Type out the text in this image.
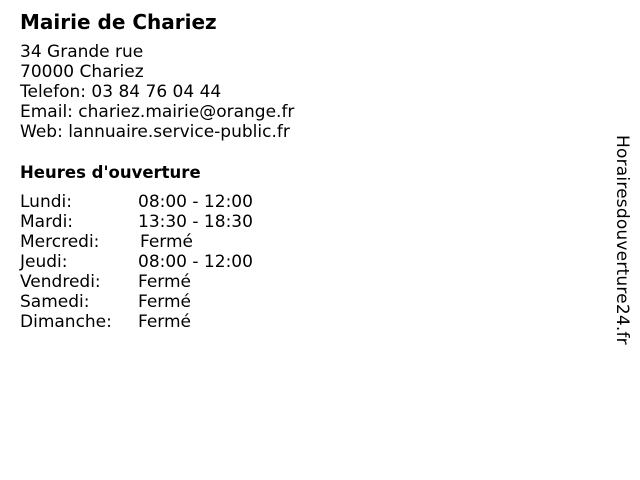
Mairie de Chariez
34 Grande rue
70000 Chariez
Telefon: 03 84 76 04 44
Email: chariez.mairie@orange.fr
Web: lannuaire.service-public.fr
Heures d'ouverture
Lundi:	08:00 - 12:00
Mardi:	13:30 - 18:30
Mercredi:	Fermé
Jeudi:	08:00 - 12:00
Vendredi:	Fermé
Samedi:	Fermé
Dimanche:	Fermé	Horairesdouverture24.fr
